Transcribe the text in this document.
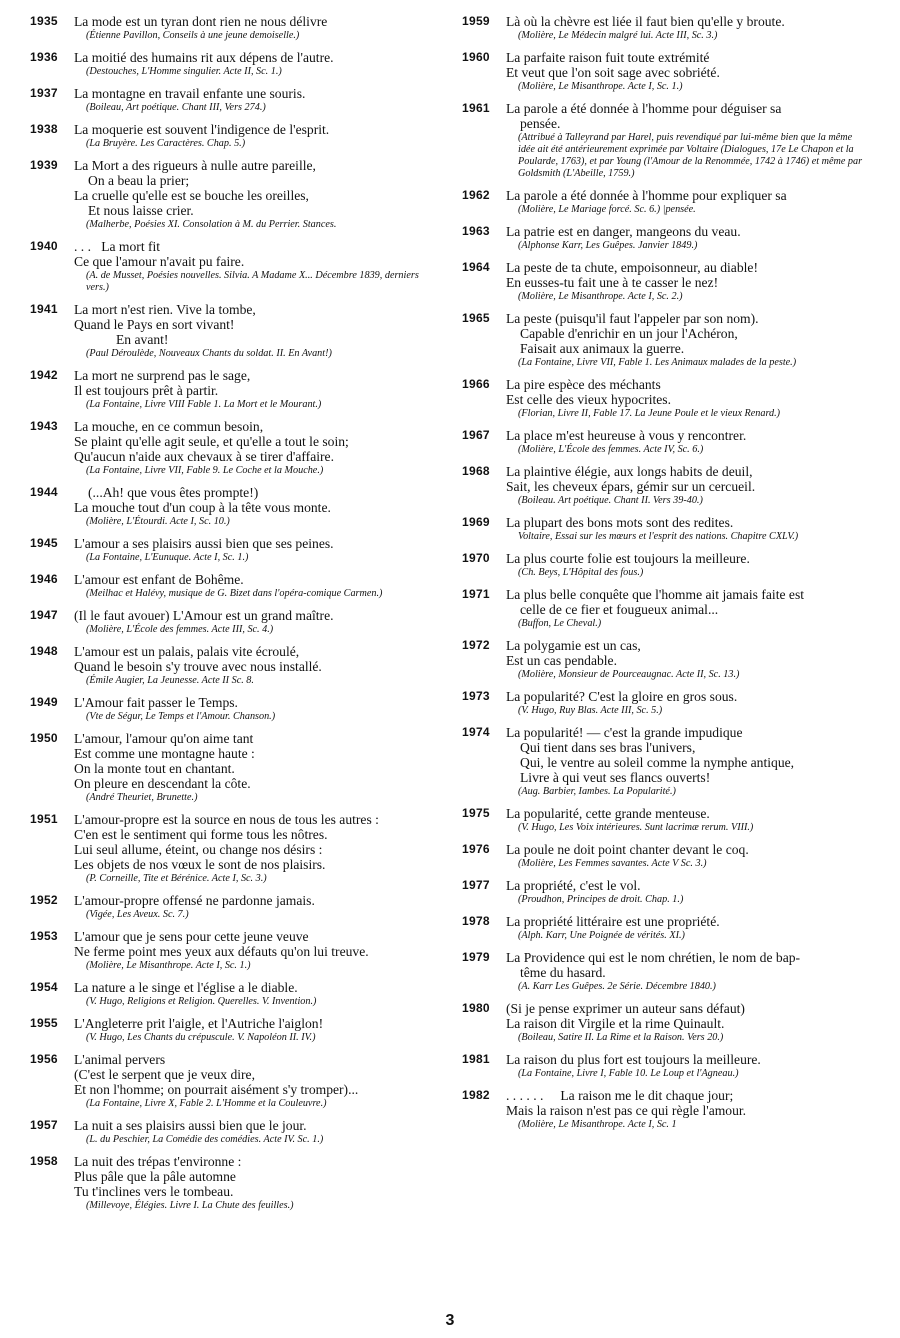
1935 La mode est un tyran dont rien ne nous délivre
(Étienne Pavillon, Conseils à une jeune demoiselle.)
1936 La moitié des humains rit aux dépens de l'autre.
(Destouches, L'Homme singulier. Acte II, Sc. 1.)
1937 La montagne en travail enfante une souris.
(Boileau, Art poétique. Chant III, Vers 274.)
1938 La moquerie est souvent l'indigence de l'esprit.
(La Bruyère. Les Caractères. Chap. 5.)
1939 La Mort a des rigueurs à nulle autre pareille,
On a beau la prier;
La cruelle qu'elle est se bouche les oreilles,
Et nous laisse crier.
(Malherbe, Poésies XI. Consolation à M. du Perrier. Stances.
1940 . . .   La mort fit
Ce que l'amour n'avait pu faire.
(A. de Musset, Poésies nouvelles. Silvia. A Madame X... Décembre 1839, derniers vers.)
1941 La mort n'est rien. Vive la tombe,
Quand le Pays en sort vivant!
En avant!
(Paul Déroulède, Nouveaux Chants du soldat. II. En Avant!)
1942 La mort ne surprend pas le sage,
Il est toujours prêt à partir.
(La Fontaine, Livre VIII Fable 1. La Mort et le Mourant.)
1943 La mouche, en ce commun besoin,
Se plaint qu'elle agit seule, et qu'elle a tout le soin;
Qu'aucun n'aide aux chevaux à se tirer d'affaire.
(La Fontaine, Livre VII, Fable 9. Le Coche et la Mouche.)
1944	(...Ah! que vous êtes prompte!)
La mouche tout d'un coup à la tête vous monte.
(Molière, L'Étourdi. Acte I, Sc. 10.)
1945 L'amour a ses plaisirs aussi bien que ses peines.
(La Fontaine, L'Eunuque. Acte I, Sc. 1.)
1946 L'amour est enfant de Bohême.
(Meilhac et Halévy, musique de G. Bizet dans l'opéra-comique Carmen.)
1947 (Il le faut avouer) L'Amour est un grand maître.
(Molière, L'École des femmes. Acte III, Sc. 4.)
1948 L'amour est un palais, palais vite écroulé,
Quand le besoin s'y trouve avec nous installé.
(Émile Augier, La Jeunesse. Acte II Sc. 8.
1949 L'Amour fait passer le Temps.
(Vte de Ségur, Le Temps et l'Amour. Chanson.)
1950 L'amour, l'amour qu'on aime tant
Est comme une montagne haute :
On la monte tout en chantant.
On pleure en descendant la côte.
(André Theuriet, Brunette.)
1951 L'amour-propre est la source en nous de tous les autres :
C'en est le sentiment qui forme tous les nôtres.
Lui seul allume, éteint, ou change nos désirs :
Les objets de nos vœux le sont de nos plaisirs.
(P. Corneille, Tite et Bérénice. Acte I, Sc. 3.)
1952 L'amour-propre offensé ne pardonne jamais.
(Vigée, Les Aveux. Sc. 7.)
1953 L'amour que je sens pour cette jeune veuve
Ne ferme point mes yeux aux défauts qu'on lui treuve.
(Molière, Le Misanthrope. Acte I, Sc. 1.)
1954 La nature a le singe et l'église a le diable.
(V. Hugo, Religions et Religion. Querelles. V. Invention.)
1955 L'Angleterre prit l'aigle, et l'Autriche l'aiglon!
(V. Hugo, Les Chants du crépuscule. V. Napoléon II. IV.)
1956 L'animal pervers
(C'est le serpent que je veux dire,
Et non l'homme; on pourrait aisément s'y tromper)...
(La Fontaine, Livre X, Fable 2. L'Homme et la Couleuvre.)
1957 La nuit a ses plaisirs aussi bien que le jour.
(L. du Peschier, La Comédie des comédies. Acte IV. Sc. 1.)
1958 La nuit des trépas t'environne :
Plus pâle que la pâle automne
Tu t'inclines vers le tombeau.
(Millevoye, Élégies. Livre I. La Chute des feuilles.)
1959 Là où la chèvre est liée il faut bien qu'elle y broute.
(Molière, Le Médecin malgré lui. Acte III, Sc. 3.)
1960 La parfaite raison fuit toute extrémité
Et veut que l'on soit sage avec sobriété.
(Molière, Le Misanthrope. Acte I, Sc. 1.)
1961 La parole a été donnée à l'homme pour déguiser sa
pensée.
(Attribué à Talleyrand par Harel, puis revendiqué par lui-même bien que la même idée ait été antérieurement exprimée par Voltaire (Dialogues, 17e Le Chapon et la Poularde, 1763), et par Young (l'Amour de la Renommée, 1742 à 1746) et même par Goldsmith (L'Abeille, 1759.)
1962 La parole a été donnée à l'homme pour expliquer sa
(Molière, Le Mariage forcé. Sc. 6.) |pensée.
1963 La patrie est en danger, mangeons du veau.
(Alphonse Karr, Les Guêpes. Janvier 1849.)
1964 La peste de ta chute, empoisonneur, au diable!
En eusses-tu fait une à te casser le nez!
(Molière, Le Misanthrope. Acte I, Sc. 2.)
1965 La peste (puisqu'il faut l'appeler par son nom).
Capable d'enrichir en un jour l'Achéron,
Faisait aux animaux la guerre.
(La Fontaine, Livre VII, Fable 1. Les Animaux malades de la peste.)
1966 La pire espèce des méchants
Est celle des vieux hypocrites.
(Florian, Livre II, Fable 17. La Jeune Poule et le vieux Renard.)
1967 La place m'est heureuse à vous y rencontrer.
(Molière, L'École des femmes. Acte IV, Sc. 6.)
1968 La plaintive élégie, aux longs habits de deuil,
Sait, les cheveux épars, gémir sur un cercueil.
(Boileau. Art poétique. Chant II. Vers 39-40.)
1969 La plupart des bons mots sont des redites.
Voltaire, Essai sur les mœurs et l'esprit des nations. Chapitre CXLV.)
1970 La plus courte folie est toujours la meilleure.
(Ch. Beys, L'Hôpital des fous.)
1971 La plus belle conquête que l'homme ait jamais faite est
celle de ce fier et fougueux animal...
(Buffon, Le Cheval.)
1972 La polygamie est un cas,
Est un cas pendable.
(Molière, Monsieur de Pourceaugnac. Acte II, Sc. 13.)
1973 La popularité? C'est la gloire en gros sous.
(V. Hugo, Ruy Blas. Acte III, Sc. 5.)
1974 La popularité! — c'est la grande impudique
Qui tient dans ses bras l'univers,
Qui, le ventre au soleil comme la nymphe antique,
Livre à qui veut ses flancs ouverts!
(Aug. Barbier, Iambes. La Popularité.)
1975 La popularité, cette grande menteuse.
(V. Hugo, Les Voix intérieures. Sunt lacrimæ rerum. VIII.)
1976 La poule ne doit point chanter devant le coq.
(Molière, Les Femmes savantes. Acte V Sc. 3.)
1977 La propriété, c'est le vol.
(Proudhon, Principes de droit. Chap. 1.)
1978 La propriété littéraire est une propriété.
(Alph. Karr, Une Poignée de vérités. XI.)
1979 La Providence qui est le nom chrétien, le nom de bap-
tême du hasard.
(A. Karr Les Guêpes. 2e Série. Décembre 1840.)
1980 (Si je pense exprimer un auteur sans défaut)
La raison dit Virgile et la rime Quinault.
(Boileau, Satire II. La Rime et la Raison. Vers 20.)
1981 La raison du plus fort est toujours la meilleure.
(La Fontaine, Livre I, Fable 10. Le Loup et l'Agneau.)
1982 . . . . . .     La raison me le dit chaque jour;
Mais la raison n'est pas ce qui règle l'amour.
(Molière, Le Misanthrope. Acte I, Sc. 1
3
